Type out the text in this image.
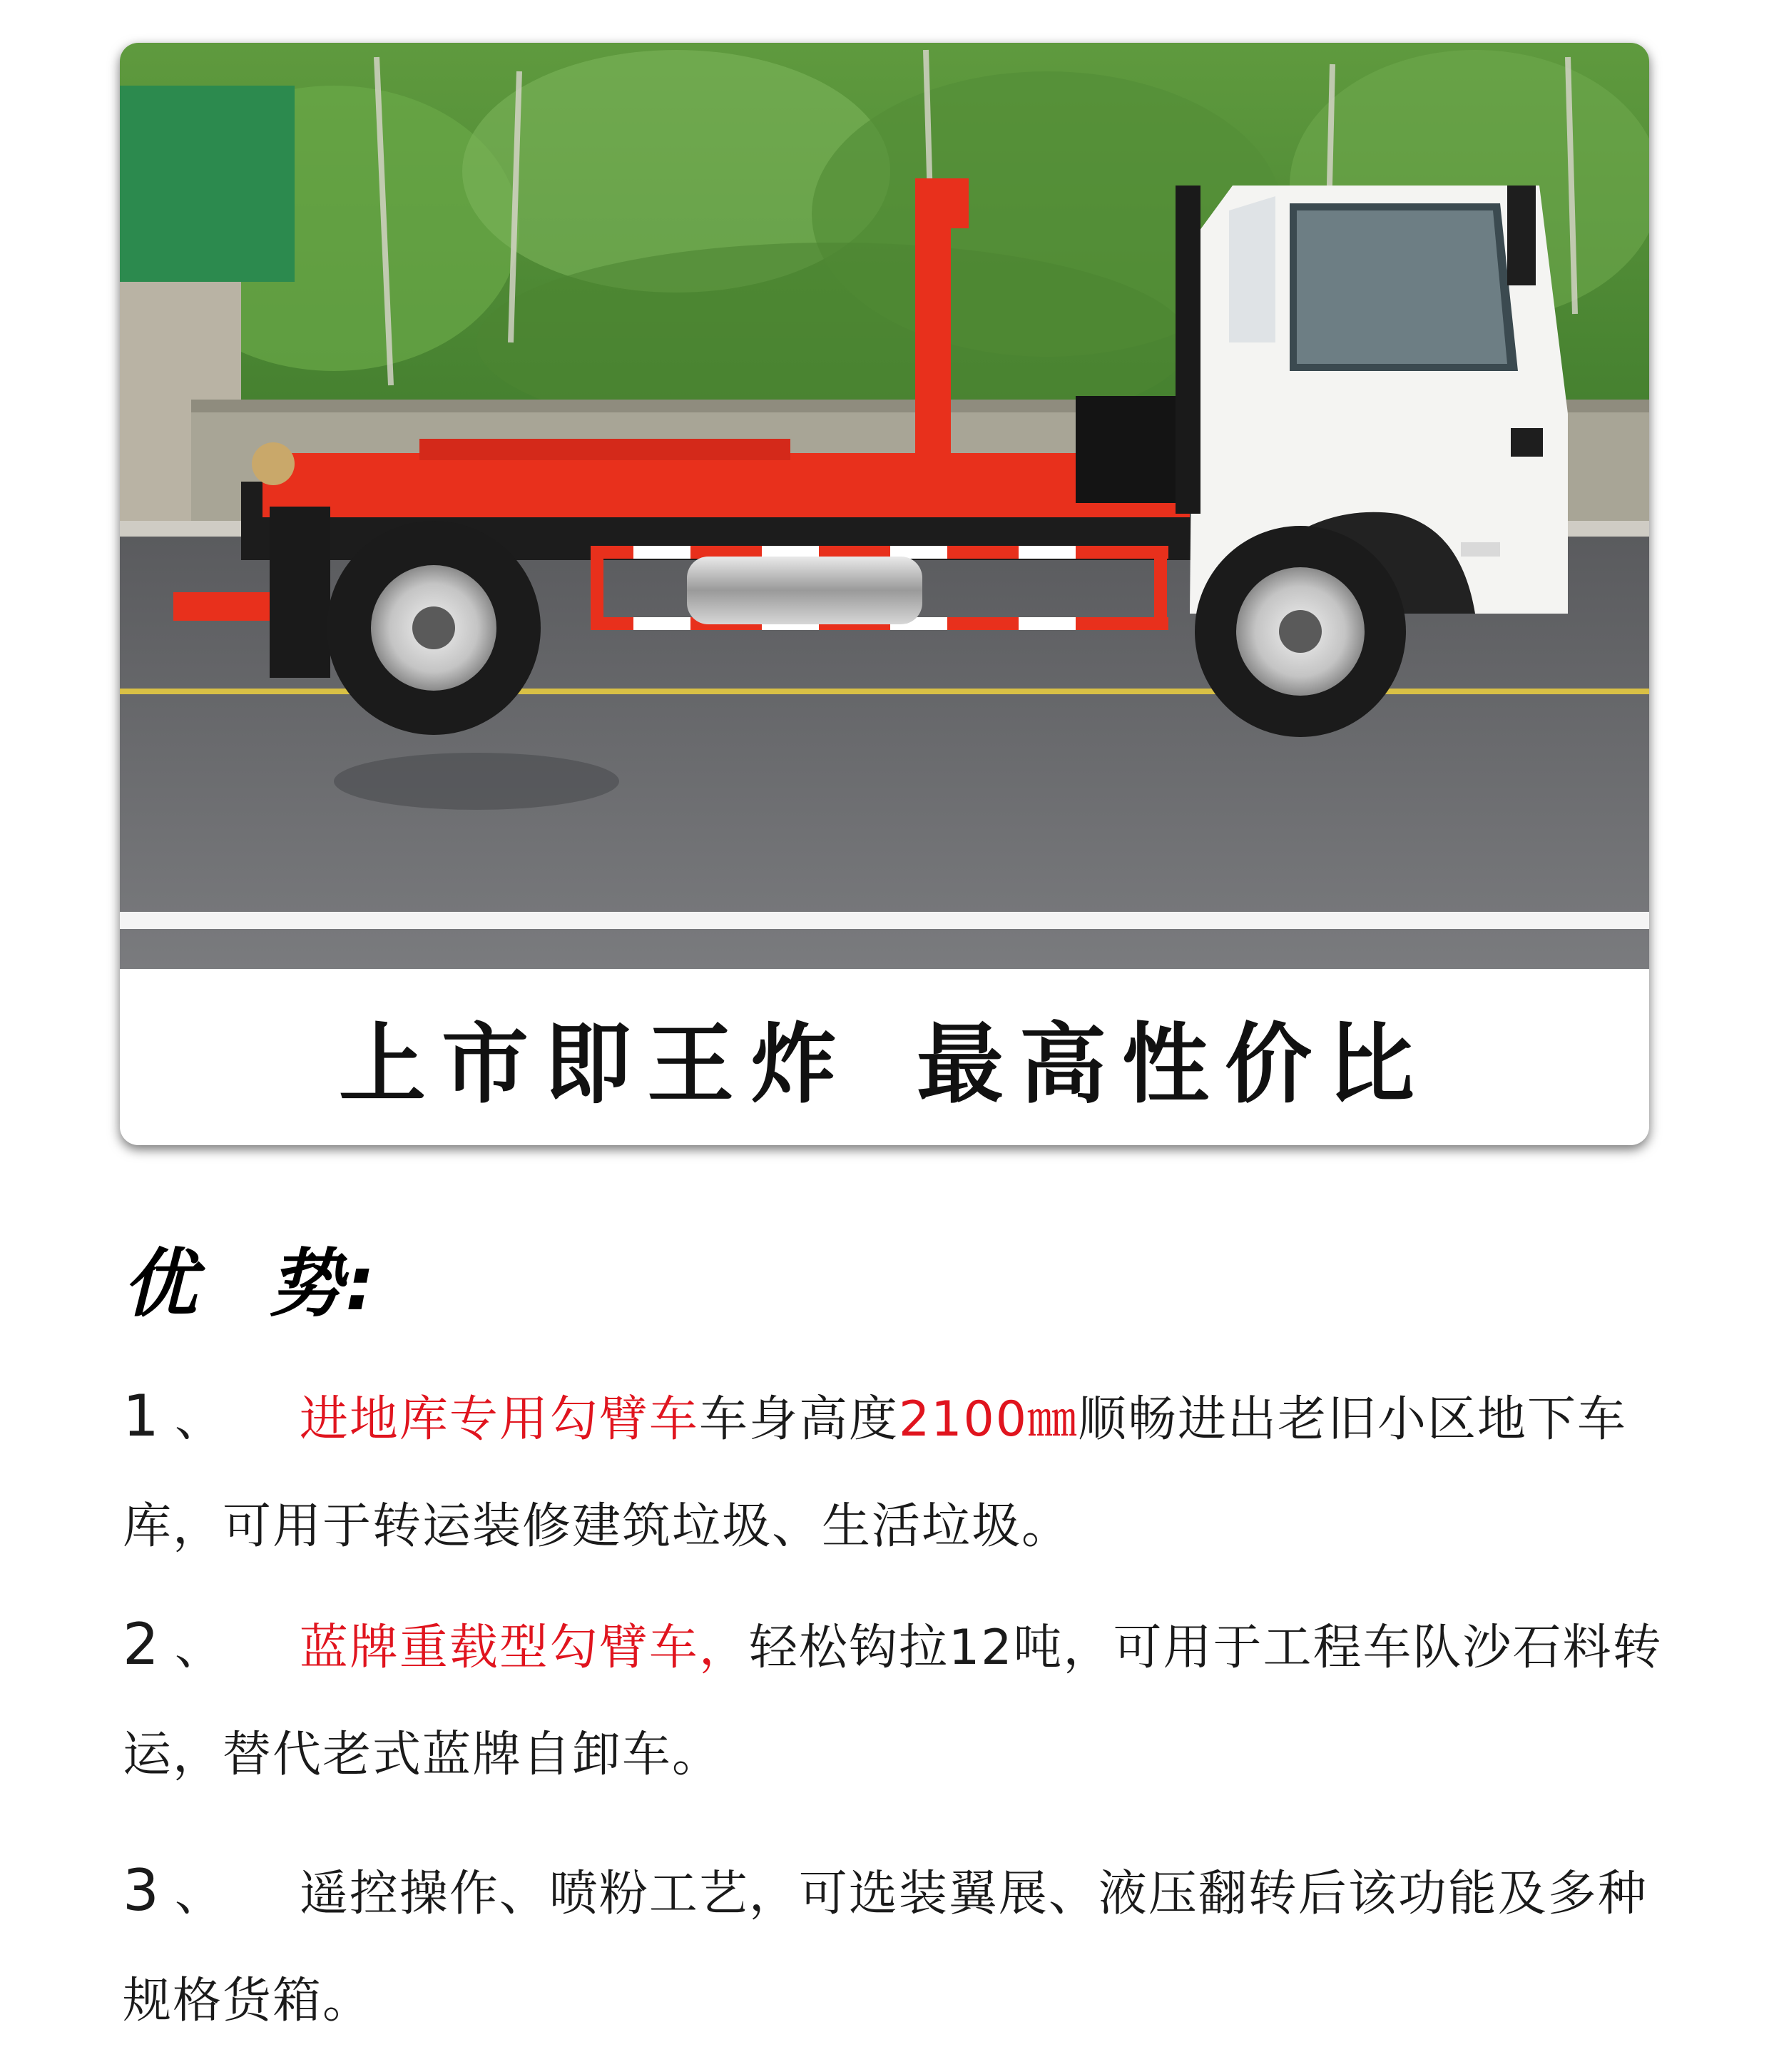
上市即王炸 最高性价比
优 势:
1 、 进地库专用勾臂车车身高度2100㎜顺畅进出老旧小区地下车库，可用于转运装修建筑垃圾、生活垃圾。
2 、 蓝牌重载型勾臂车，轻松钩拉12吨，可用于工程车队沙石料转运，替代老式蓝牌自卸车。
3 、 遥控操作、喷粉工艺，可选装翼展、液压翻转后该功能及多种规格货箱。
